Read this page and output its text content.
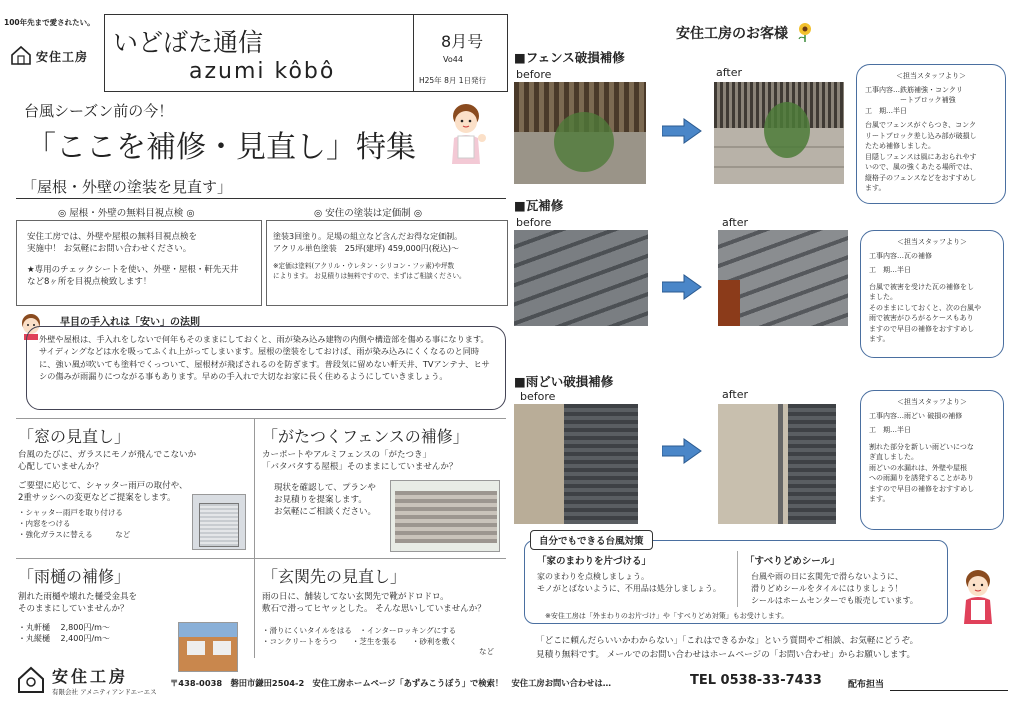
100年先まで愛されたい。
安住工房 いどばた通信
azumi kôbô
8月号
Vo44
H25年 8月 1日発行
台風シーズン前の今！
「ここを補修・見直し」特集
「屋根・外壁の塗装を見直す」
◎ 屋根・外壁の無料目視点検 ◎
安住工房では、外壁や屋根の無料目視点検を
実施中！ お気軽にお問い合わせください。
★専用のチェックシートを使い、外壁・屋根・軒先天井
など8ヶ所を目視点検致します！
◎ 安住の塗装は定価制 ◎
塗装3回塗り。足場の組立など含んだお得な定価制。
アクリル単色塗装　25坪(建坪) 459,000円(税込)～
※定価は塗料(アクリル・ウレタン・シリコン・フッ素)や坪数
によります。 お見積りは無料ですので、まずはご相談ください。
早目の手入れは「安い」の法則
外壁や屋根は、手入れをしないで何年もそのままにしておくと、雨が染み込み建物の内側や構造部を傷める事になります。サイディングなどは水を吸ってふくれ上がってしまいます。屋根の塗装をしておけば、雨が染み込みにくくなるのと同時に、強い風が吹いても塗料でくっついて、屋根材が飛ばされるのを防ぎます。普段気に留めない軒天井、TVアンテナ、ヒサシの傷みが雨漏りにつながる事もあります。早めの手入れで大切なお家に長く住めるようにしていきましょう。
「窓の見直し」
台風のたびに、ガラスにモノが飛んでこないか
心配していませんか？
ご要望に応じて、シャッター雨戸の取付や、
2重サッシへの変更などご提案をします。
・シャッター雨戸を取り付ける
・内窓をつける
・強化ガラスに替える　　　など
「がたつくフェンスの補修」
カーポートやアルミフェンスの「がたつき」
「バタバタする屋根」そのままにしていませんか？
現状を確認して、プランや
お見積りを提案します。
お気軽にご相談ください。
「雨樋の補修」
割れた雨樋や壊れた樋受金具を
そのままにしていませんか？
・丸軒樋　 2,800円/m～
・丸縦樋　 2,400円/m～
「玄関先の見直し」
雨の日に、舗装してない玄関先で靴がドロドロ。
敷石で滑ってヒヤッとした。 そんな思いしていませんか？
・滑りにくいタイルをはる　・インターロッキングにする
・コンクリートをうつ　　・芝生を張る　　・砂利を敷く
など
安住工房
有限会社 アメニティアンドエーエス
〒438-0038　磐田市鎌田2504-2　安住工房ホームページ「あずみこうぼう」で検索！　安住工房お問い合わせは…	TEL 0538-33-7433	配布担当
安住工房のお客様
■フェンス破損補修
before	after	＜担当スタッフより＞
工事内容…鉄筋補強・コンクリ
　　　　　ートブロック補強
工　期…半日
台風でフェンスがぐらつき、コンク
リートブロック差し込み部が破損し
たため補修しました。
目隠しフェンスは風にあおられやす
いので、風の強くあたる場所では、
縦格子のフェンスなどをおすすめし
ます。
■瓦補修
before	after
＜担当スタッフより＞
工事内容…瓦の補修
工　期…半日
台風で被害を受けた瓦の補修をし
ました。
そのままにしておくと、次の台風や
雨で被害がひろがるケースもあり
ますので早目の補修をおすすめし
ます。
■雨どい破損補修
before	after
＜担当スタッフより＞
工事内容…雨どい 破損の補修
工　期…半日
割れた部分を新しい雨どいにつな
ぎ直しました。
雨どいの水漏れは、外壁や屋根
への雨漏りを誘発することがあり
ますので早目の補修をおすすめし
ます。
自分でもできる台風対策
「家のまわりを片づける」
家のまわりを点検しましょう。
モノがとばないように、不用品は処分しましょう。
「すべりどめシール」
台風や雨の日に玄関先で滑らないように、
滑りどめシールをタイルにはりましょう！
シールはホームセンターでも販売しています。
※安住工房は「外まわりのお片づけ」や「すべりどめ対策」もお受けします。
「どこに頼んだらいいかわからない」「これはできるかな」という質問やご相談、お気軽にどうぞ。
見積り無料です。 メールでのお問い合わせはホームページの「お問い合わせ」からお願いします。
